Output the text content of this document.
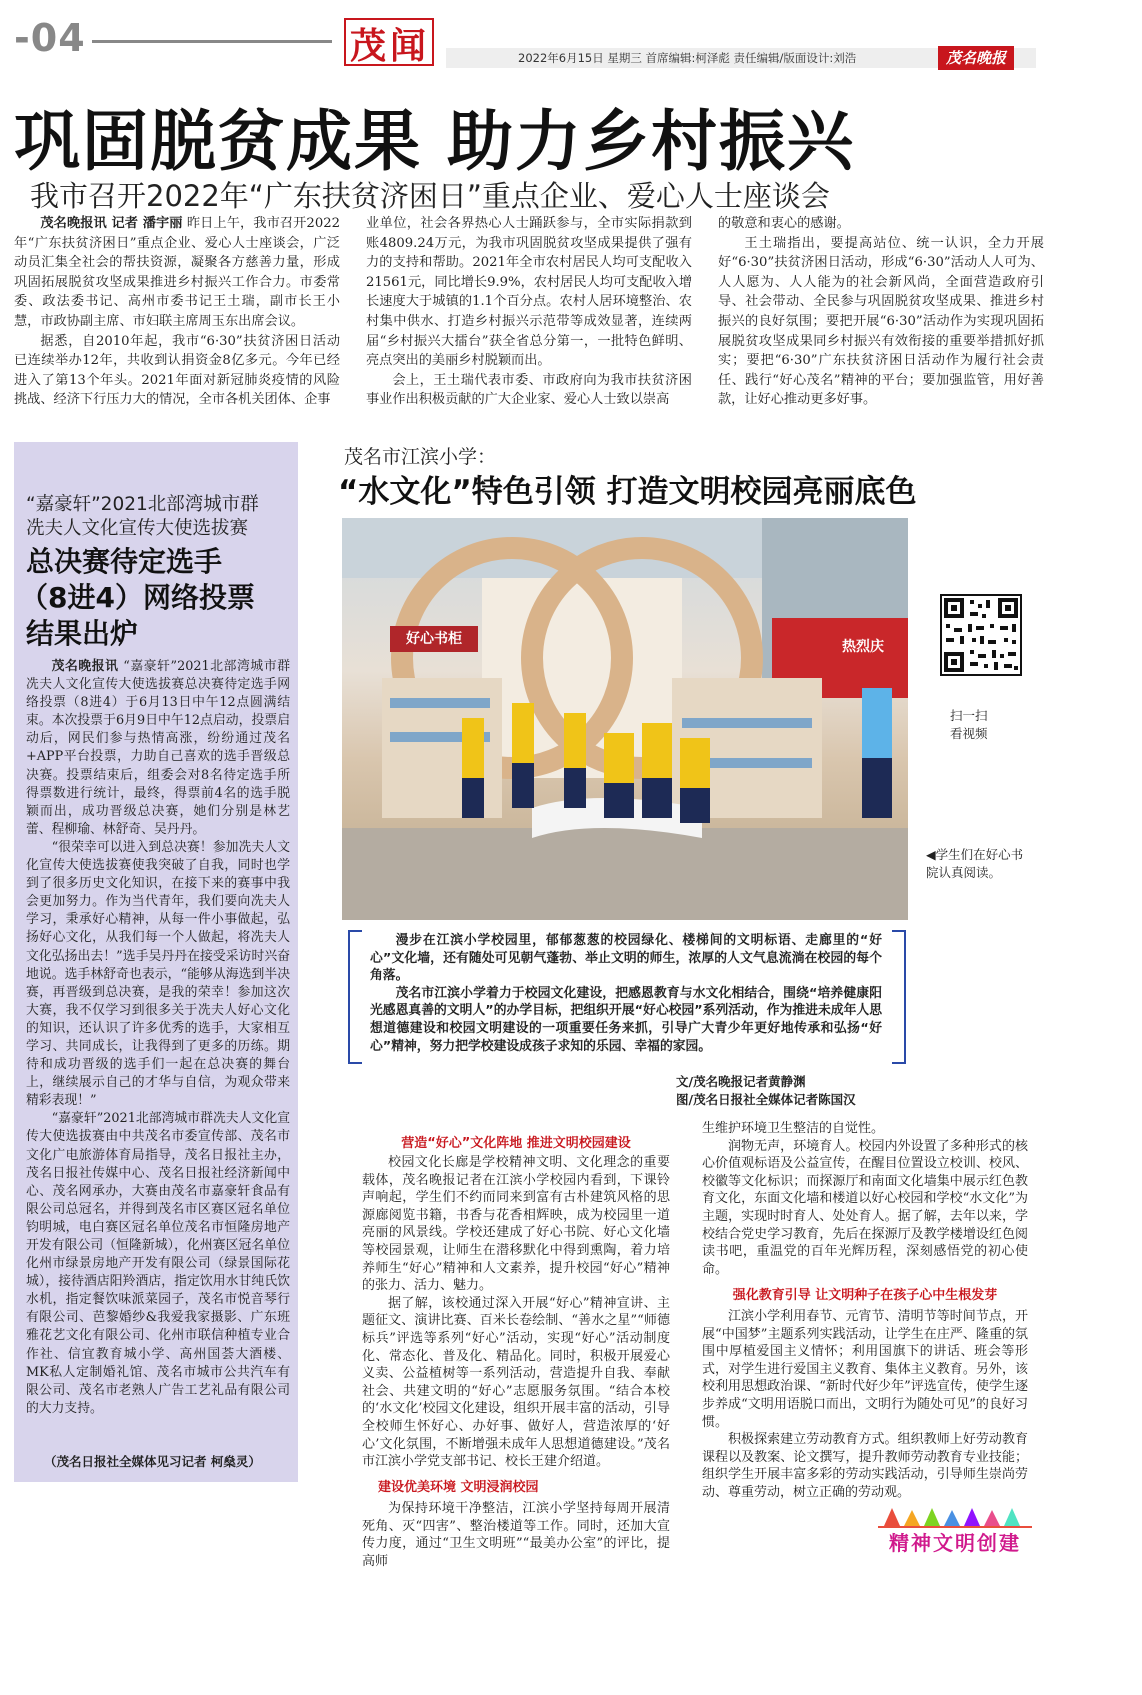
-04	茂闻	2022年6月15日 星期三 首席编辑:柯泽彪 责任编辑/版面设计:刘浩	茂名晚报
巩固脱贫成果 助力乡村振兴
我市召开2022年“广东扶贫济困日”重点企业、爱心人士座谈会

茂名晚报讯 记者 潘宇丽 昨日上午，我市召开2022年“广东扶贫济困日”重点企业、爱心人士座谈会，广泛动员汇集全社会的帮扶资源，凝聚各方慈善力量，形成巩固拓展脱贫攻坚成果推进乡村振兴工作合力。市委常委、政法委书记、高州市委书记王土瑞，副市长王小慧，市政协副主席、市妇联主席周玉东出席会议。

据悉，自2010年起，我市“6·30”扶贫济困日活动已连续举办12年，共收到认捐资金8亿多元。今年已经进入了第13个年头。2021年面对新冠肺炎疫情的风险挑战、经济下行压力大的情况，全市各机关团体、企事

业单位，社会各界热心人士踊跃参与，全市实际捐款到账4809.24万元，为我市巩固脱贫攻坚成果提供了强有力的支持和帮助。2021年全市农村居民人均可支配收入21561元，同比增长9.9%，农村居民人均可支配收入增长速度大于城镇的1.1个百分点。农村人居环境整治、农村集中供水、打造乡村振兴示范带等成效显著，连续两届“乡村振兴大擂台”获全省总分第一，一批特色鲜明、亮点突出的美丽乡村脱颖而出。

会上，王土瑞代表市委、市政府向为我市扶贫济困事业作出积极贡献的广大企业家、爱心人士致以崇高

的敬意和衷心的感谢。

王土瑞指出，要提高站位、统一认识，全力开展好“6·30”扶贫济困日活动，形成“6·30”活动人人可为、人人愿为、人人能为的社会新风尚，全面营造政府引导、社会带动、全民参与巩固脱贫攻坚成果、推进乡村振兴的良好氛围；要把开展“6·30”活动作为实现巩固拓展脱贫攻坚成果同乡村振兴有效衔接的重要举措抓好抓实；要把“6·30”广东扶贫济困日活动作为履行社会责任、践行“好心茂名”精神的平台；要加强监管，用好善款，让好心推动更多好事。

“嘉豪轩”2021北部湾城市群
冼夫人文化宣传大使选拔赛
总决赛待定选手
（8进4）网络投票
结果出炉

茂名晚报讯 “嘉豪轩”2021北部湾城市群冼夫人文化宣传大使选拔赛总决赛待定选手网络投票（8进4）于6月13日中午12点圆满结束。本次投票于6月9日中午12点启动，投票启动后，网民们参与热情高涨，纷纷通过茂名+APP平台投票，力助自己喜欢的选手晋级总决赛。投票结束后，组委会对8名待定选手所得票数进行统计，最终，得票前4名的选手脱颖而出，成功晋级总决赛，她们分别是林艺蕾、程柳瑜、林舒奇、吴丹丹。

“很荣幸可以进入到总决赛！参加冼夫人文化宣传大使选拔赛使我突破了自我，同时也学到了很多历史文化知识，在接下来的赛事中我会更加努力。作为当代青年，我们要向冼夫人学习，秉承好心精神，从每一件小事做起，弘扬好心文化，从我们每一个人做起，将冼夫人文化弘扬出去！”选手吴丹丹在接受采访时兴奋地说。选手林舒奇也表示，“能够从海选到半决赛，再晋级到总决赛，是我的荣幸！参加这次大赛，我不仅学习到很多关于冼夫人好心文化的知识，还认识了许多优秀的选手，大家相互学习、共同成长，让我得到了更多的历练。期待和成功晋级的选手们一起在总决赛的舞台上，继续展示自己的才华与自信，为观众带来精彩表现！”

“嘉豪轩”2021北部湾城市群冼夫人文化宣传大使选拔赛由中共茂名市委宣传部、茂名市文化广电旅游体育局指导，茂名日报社主办，茂名日报社传媒中心、茂名日报社经济新闻中心、茂名网承办，大赛由茂名市嘉豪轩食品有限公司总冠名，并得到茂名市区赛区冠名单位钧明城，电白赛区冠名单位茂名市恒隆房地产开发有限公司（恒隆新城），化州赛区冠名单位化州市绿景房地产开发有限公司（绿景国际花城），接待酒店阳羚酒店，指定饮用水甘纯氏饮水机，指定餐饮味派菜园子，茂名市悦音琴行有限公司、芭黎婚纱&我爱我家摄影、广东班雅花艺文化有限公司、化州市联信种植专业合作社、信宜教育城小学、高州国荟大酒楼、MK私人定制婚礼馆、茂名市城市公共汽车有限公司、茂名市老熟人广告工艺礼品有限公司的大力支持。

（茂名日报社全媒体见习记者 柯燊灵）
茂名市江滨小学：
“水文化”特色引领 打造文明校园亮丽底色
好心书柜	热烈庆
扫一扫
看视频
◀学生们在好心书院认真阅读。

漫步在江滨小学校园里，郁郁葱葱的校园绿化、楼梯间的文明标语、走廊里的“好心”文化墙，还有随处可见朝气蓬勃、举止文明的师生，浓厚的人文气息流淌在校园的每个角落。

茂名市江滨小学着力于校园文化建设，把感恩教育与水文化相结合，围绕“培养健康阳光感恩真善的文明人”的办学目标，把组织开展“好心校园”系列活动，作为推进未成年人思想道德建设和校园文明建设的一项重要任务来抓，引导广大青少年更好地传承和弘扬“好心”精神，努力把学校建设成孩子求知的乐园、幸福的家园。

文/茂名晚报记者黄静渊
图/茂名日报社全媒体记者陈国汉
营造“好心”文化阵地 推进文明校园建设

校园文化长廊是学校精神文明、文化理念的重要载体，茂名晚报记者在江滨小学校园内看到，下课铃声响起，学生们不约而同来到富有古朴建筑风格的思源廊阅览书籍，书香与花香相辉映，成为校园里一道亮丽的风景线。学校还建成了好心书院、好心文化墙等校园景观，让师生在潜移默化中得到熏陶，着力培养师生“好心”精神和人文素养，提升校园“好心”精神的张力、活力、魅力。

据了解，该校通过深入开展“好心”精神宣讲、主题征文、演讲比赛、百米长卷绘制、“善水之星”“师德标兵”评选等系列“好心”活动，实现“好心”活动制度化、常态化、普及化、精品化。同时，积极开展爱心义卖、公益植树等一系列活动，营造提升自我、奉献社会、共建文明的“好心”志愿服务氛围。“结合本校的‘水文化’校园文化建设，组织开展丰富的活动，引导全校师生怀好心、办好事、做好人，营造浓厚的‘好心’文化氛围，不断增强未成年人思想道德建设。”茂名市江滨小学党支部书记、校长王建介绍道。

建设优美环境 文明浸润校园

为保持环境干净整洁，江滨小学坚持每周开展清死角、灭“四害”、整治楼道等工作。同时，还加大宣传力度，通过“卫生文明班”“最美办公室”的评比，提高师

生维护环境卫生整洁的自觉性。

润物无声，环境育人。校园内外设置了多种形式的核心价值观标语及公益宣传，在醒目位置设立校训、校风、校徽等文化标识；而探源厅和南面文化墙集中展示红色教育文化，东面文化墙和楼道以好心校园和学校“水文化”为主题，实现时时育人、处处育人。据了解，去年以来，学校结合党史学习教育，先后在探源厅及教学楼增设红色阅读书吧，重温党的百年光辉历程，深刻感悟党的初心使命。

强化教育引导 让文明种子在孩子心中生根发芽

江滨小学利用春节、元宵节、清明节等时间节点，开展“中国梦”主题系列实践活动，让学生在庄严、隆重的氛围中厚植爱国主义情怀；利用国旗下的讲话、班会等形式，对学生进行爱国主义教育、集体主义教育。另外，该校利用思想政治课、“新时代好少年”评选宣传，使学生逐步养成“文明用语脱口而出，文明行为随处可见”的良好习惯。

积极探索建立劳动教育方式。组织教师上好劳动教育课程以及教案、论文撰写，提升教师劳动教育专业技能；组织学生开展丰富多彩的劳动实践活动，引导师生崇尚劳动、尊重劳动，树立正确的劳动观。

精神文明创建
